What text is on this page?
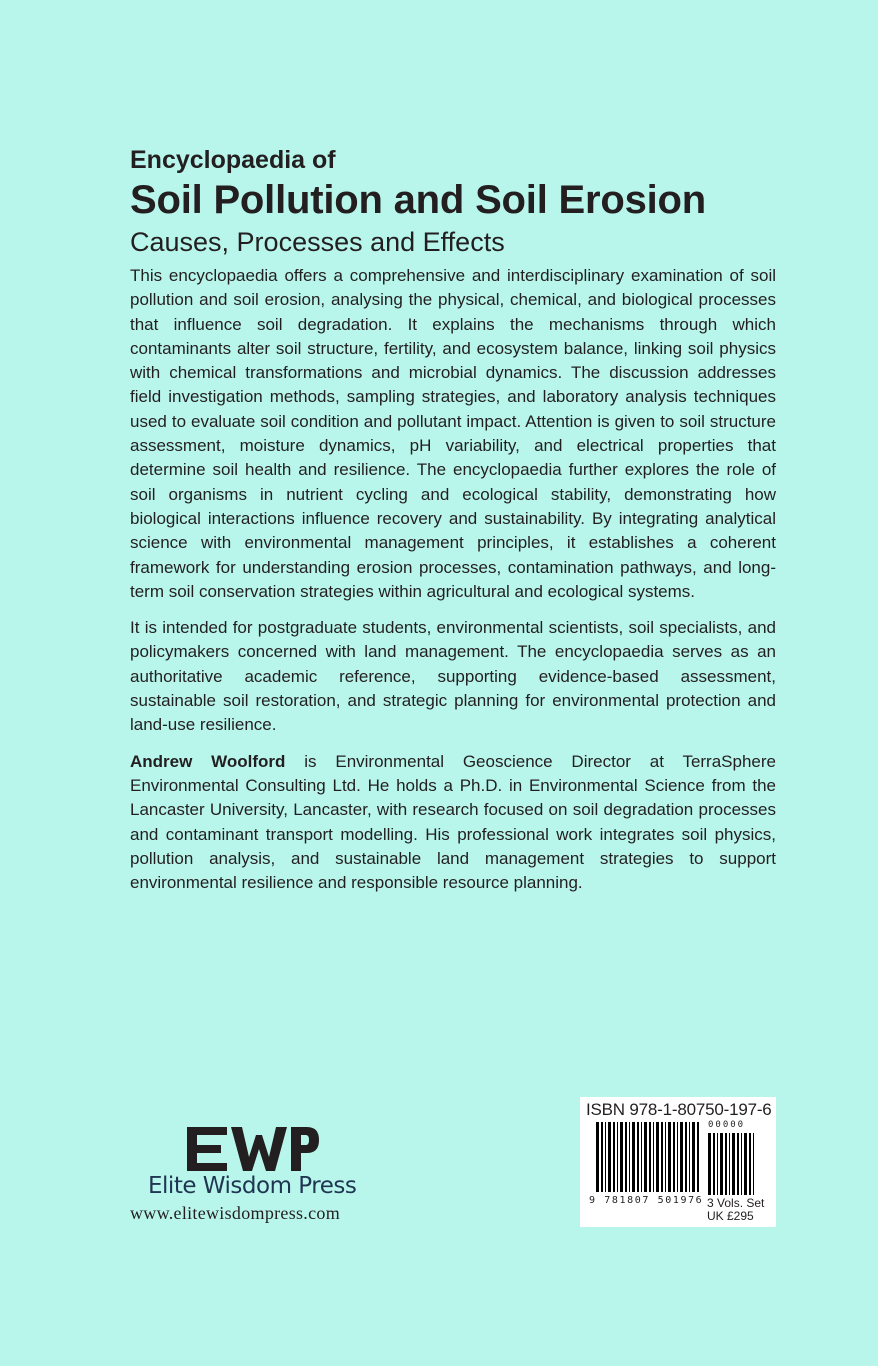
Encyclopaedia of

Soil Pollution and Soil Erosion

Causes, Processes and Effects

This encyclopaedia offers a comprehensive and interdisciplinary examination of soil pollution and soil erosion, analysing the physical, chemical, and biological processes that influence soil degradation. It explains the mechanisms through which contaminants alter soil structure, fertility, and ecosystem balance, linking soil physics with chemical transformations and microbial dynamics. The discussion addresses field investigation methods, sampling strategies, and laboratory analysis techniques used to evaluate soil condition and pollutant impact. Attention is given to soil structure assessment, moisture dynamics, pH variability, and electrical properties that determine soil health and resilience. The encyclopaedia further explores the role of soil organisms in nutrient cycling and ecological stability, demonstrating how biological interactions influence recovery and sustainability. By integrating analytical science with environmental management principles, it establishes a coherent framework for understanding erosion processes, contamination pathways, and long-term soil conservation strategies within agricultural and ecological systems.

It is intended for postgraduate students, environmental scientists, soil specialists, and policymakers concerned with land management. The encyclopaedia serves as an authoritative academic reference, supporting evidence-based assessment, sustainable soil restoration, and strategic planning for environmental protection and land-use resilience.

Andrew Woolford is Environmental Geoscience Director at TerraSphere Environmental Consulting Ltd. He holds a Ph.D. in Environmental Science from the Lancaster University, Lancaster, with research focused on soil degradation processes and contaminant transport modelling. His professional work integrates soil physics, pollution analysis, and sustainable land management strategies to support environmental resilience and responsible resource planning.

Elite Wisdom Press
www.elitewisdompress.com
ISBN 978-1-80750-197-6
00000
9 781807 501976 3 Vols. Set
UK £295
